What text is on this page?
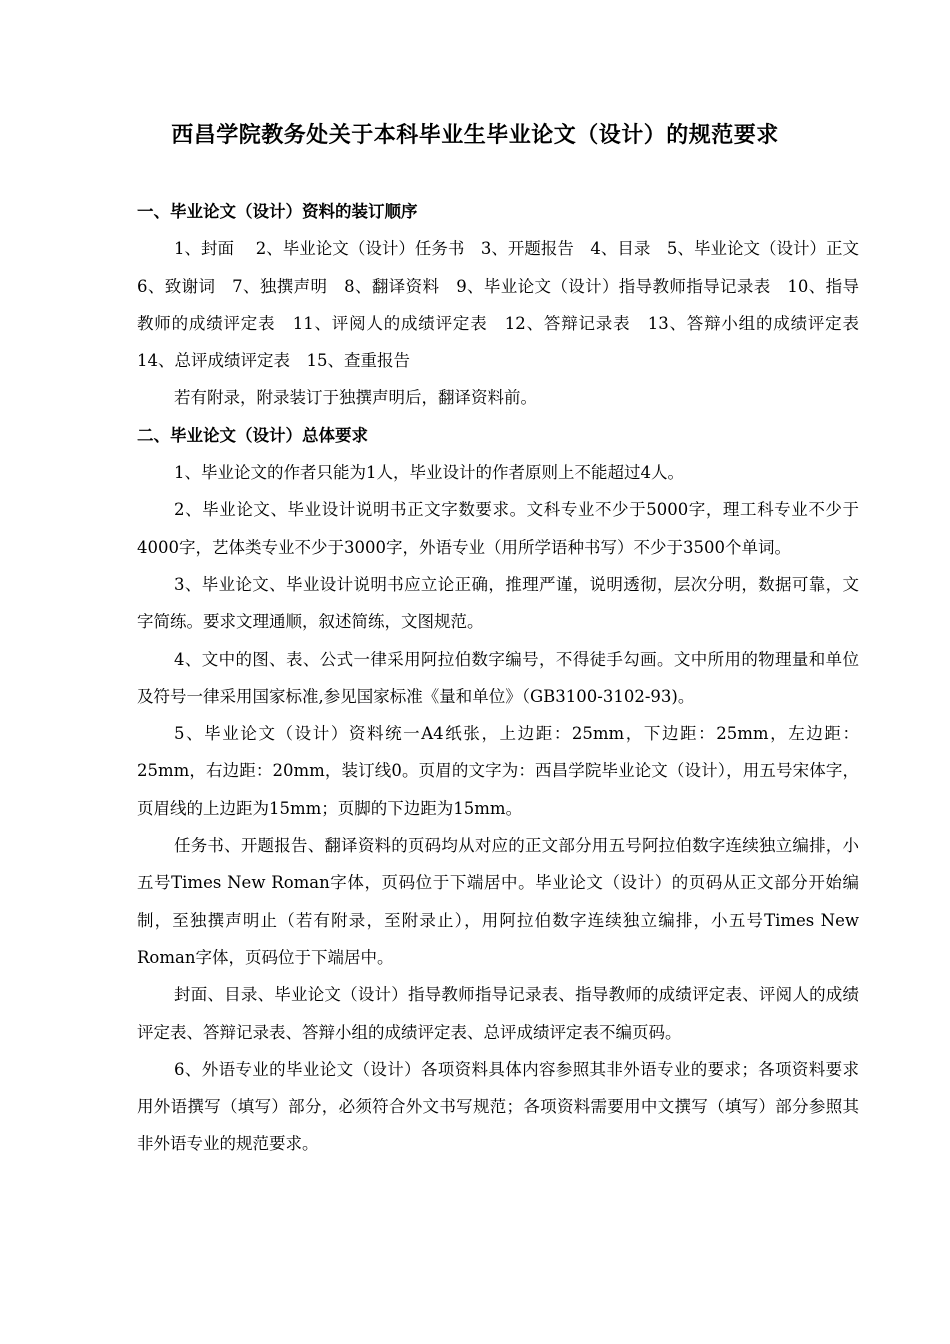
西昌学院教务处关于本科毕业生毕业论文（设计）的规范要求

一、毕业论文（设计）资料的装订顺序

1、封面　 2、毕业论文（设计）任务书　3、开题报告　4、目录　5、毕业论文（设计）正文　6、致谢词　7、独撰声明　8、翻译资料　9、毕业论文（设计）指导教师指导记录表　10、指导教师的成绩评定表　11、评阅人的成绩评定表　12、答辩记录表　13、答辩小组的成绩评定表　14、总评成绩评定表　15、查重报告

若有附录，附录装订于独撰声明后，翻译资料前。

二、毕业论文（设计）总体要求

1、毕业论文的作者只能为1人，毕业设计的作者原则上不能超过4人。

2、毕业论文、毕业设计说明书正文字数要求。文科专业不少于5000字，理工科专业不少于4000字，艺体类专业不少于3000字，外语专业（用所学语种书写）不少于3500个单词。

3、毕业论文、毕业设计说明书应立论正确，推理严谨，说明透彻，层次分明，数据可靠，文字简练。要求文理通顺，叙述简练，文图规范。

4、文中的图、表、公式一律采用阿拉伯数字编号，不得徒手勾画。文中所用的物理量和单位及符号一律采用国家标准,参见国家标准《量和单位》（GB3100-3102-93)。

5、毕业论文（设计）资料统一A4纸张，上边距：25mm，下边距：25mm，左边距：25mm，右边距：20mm，装订线0。页眉的文字为：西昌学院毕业论文（设计），用五号宋体字，页眉线的上边距为15mm；页脚的下边距为15mm。

任务书、开题报告、翻译资料的页码均从对应的正文部分用五号阿拉伯数字连续独立编排，小五号Times New Roman字体，页码位于下端居中。毕业论文（设计）的页码从正文部分开始编制，至独撰声明止（若有附录，至附录止），用阿拉伯数字连续独立编排，小五号Times New Roman字体，页码位于下端居中。

封面、目录、毕业论文（设计）指导教师指导记录表、指导教师的成绩评定表、评阅人的成绩评定表、答辩记录表、答辩小组的成绩评定表、总评成绩评定表不编页码。

6、外语专业的毕业论文（设计）各项资料具体内容参照其非外语专业的要求；各项资料要求用外语撰写（填写）部分，必须符合外文书写规范；各项资料需要用中文撰写（填写）部分参照其非外语专业的规范要求。
